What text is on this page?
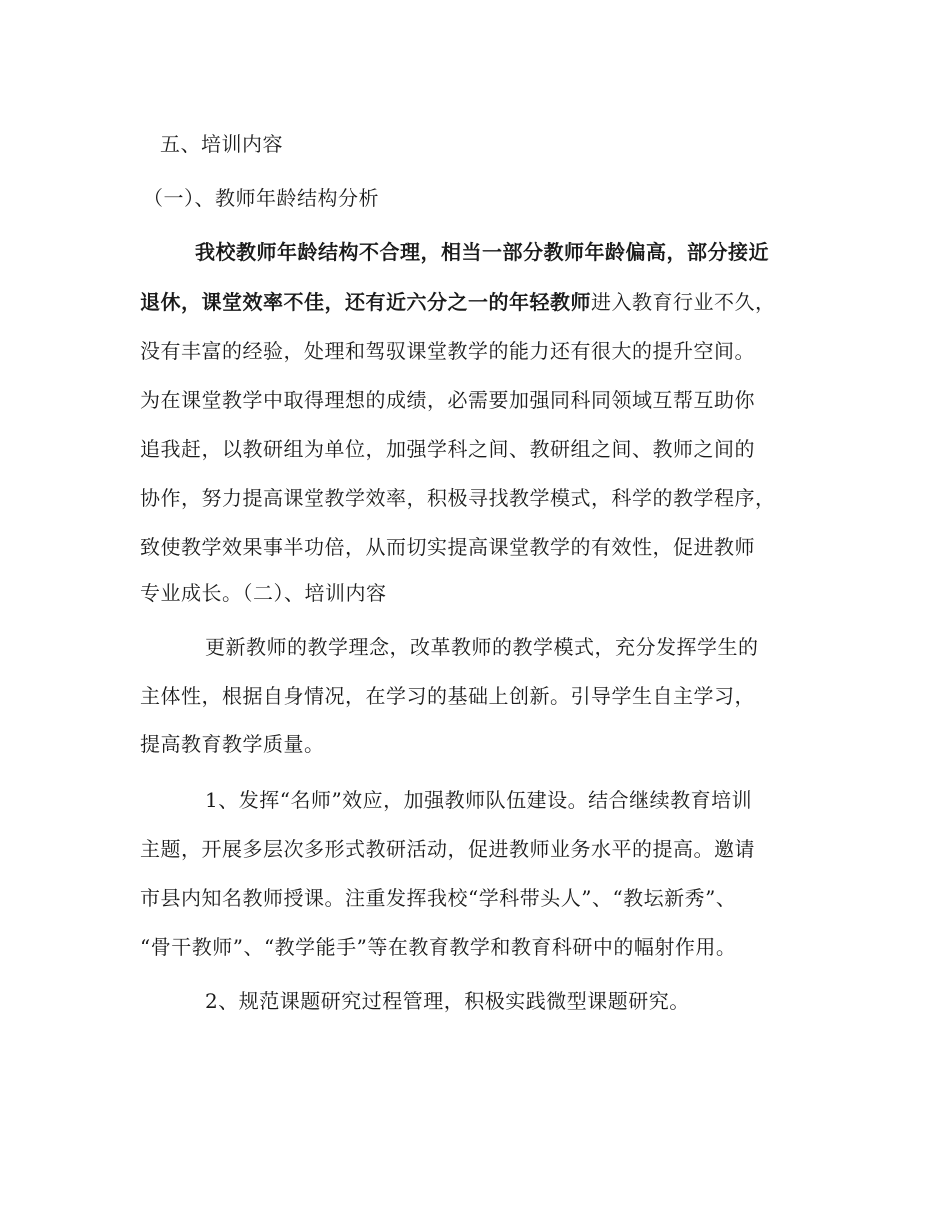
五、培训内容
（一）、教师年龄结构分析
我校教师年龄结构不合理，相当一部分教师年龄偏高，部分接近
退休，课堂效率不佳，还有近六分之一的年轻教师进入教育行业不久，
没有丰富的经验，处理和驾驭课堂教学的能力还有很大的提升空间。
为在课堂教学中取得理想的成绩，必需要加强同科同领域互帮互助你
追我赶，以教研组为单位，加强学科之间、教研组之间、教师之间的
协作，努力提高课堂教学效率，积极寻找教学模式，科学的教学程序，
致使教学效果事半功倍，从而切实提高课堂教学的有效性，促进教师
专业成长。（二）、培训内容
更新教师的教学理念，改革教师的教学模式，充分发挥学生的
主体性，根据自身情况，在学习的基础上创新。引导学生自主学习，
提高教育教学质量。
1、发挥“名师”效应，加强教师队伍建设。结合继续教育培训
主题，开展多层次多形式教研活动，促进教师业务水平的提高。邀请
市县内知名教师授课。注重发挥我校“学科带头人”、“教坛新秀”、
“骨干教师”、“教学能手”等在教育教学和教育科研中的幅射作用。
2、规范课题研究过程管理，积极实践微型课题研究。
